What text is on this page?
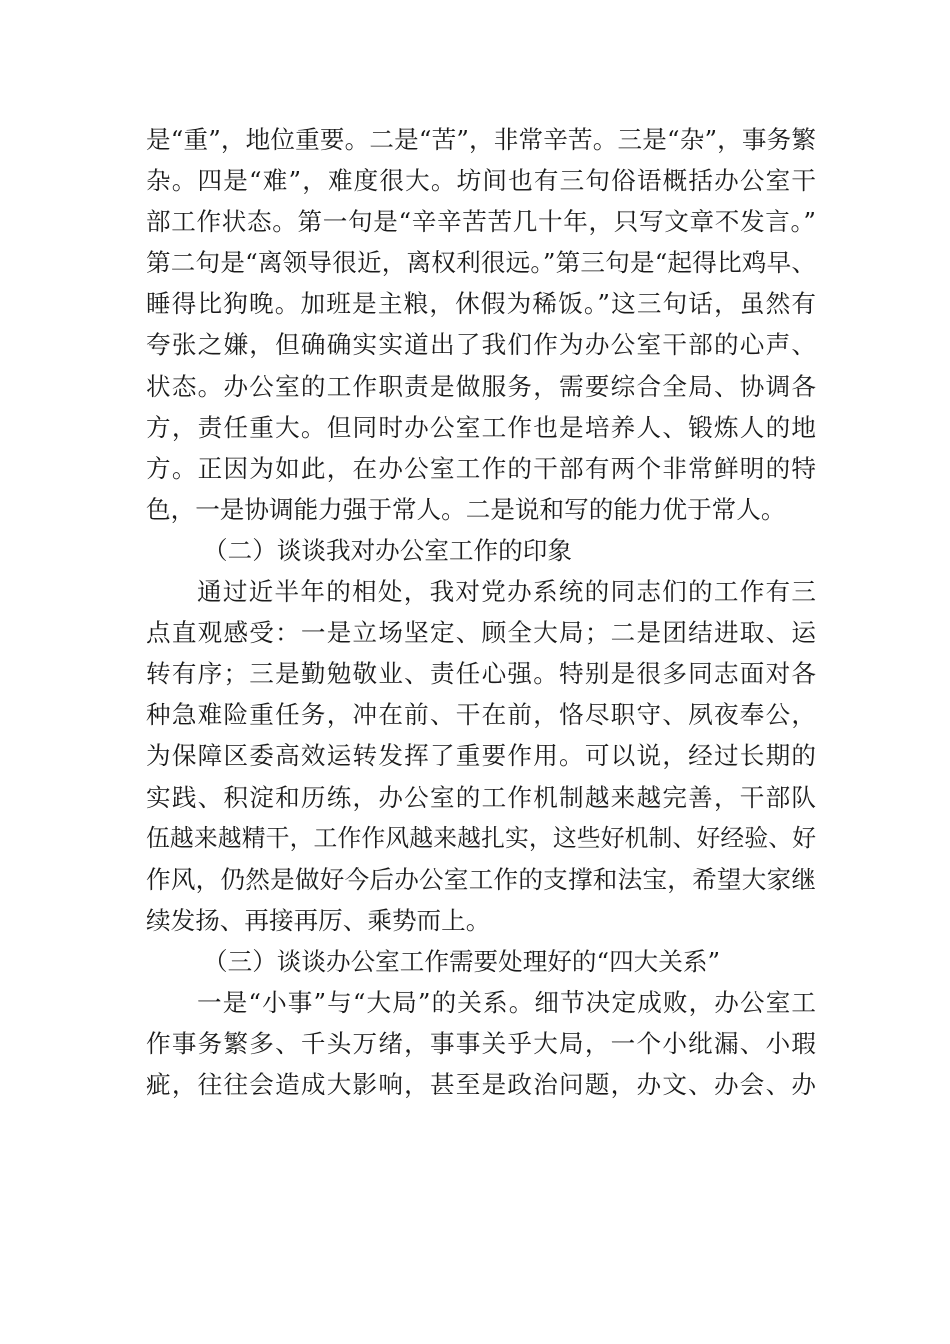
是“重”，地位重要。二是“苦”，非常辛苦。三是“杂”，事务繁
杂。四是“难”，难度很大。坊间也有三句俗语概括办公室干
部工作状态。第一句是“辛辛苦苦几十年，只写文章不发言。”
第二句是“离领导很近，离权利很远。”第三句是“起得比鸡早、
睡得比狗晚。加班是主粮，休假为稀饭。”这三句话，虽然有
夸张之嫌，但确确实实道出了我们作为办公室干部的心声、
状态。办公室的工作职责是做服务，需要综合全局、协调各
方，责任重大。但同时办公室工作也是培养人、锻炼人的地
方。正因为如此，在办公室工作的干部有两个非常鲜明的特
色，一是协调能力强于常人。二是说和写的能力优于常人。
（二）谈谈我对办公室工作的印象
通过近半年的相处，我对党办系统的同志们的工作有三
点直观感受：一是立场坚定、顾全大局；二是团结进取、运
转有序；三是勤勉敬业、责任心强。特别是很多同志面对各
种急难险重任务，冲在前、干在前，恪尽职守、夙夜奉公，
为保障区委高效运转发挥了重要作用。可以说，经过长期的
实践、积淀和历练，办公室的工作机制越来越完善，干部队
伍越来越精干，工作作风越来越扎实，这些好机制、好经验、好
作风，仍然是做好今后办公室工作的支撑和法宝，希望大家继
续发扬、再接再厉、乘势而上。
（三）谈谈办公室工作需要处理好的“四大关系”
一是“小事”与“大局”的关系。细节决定成败，办公室工
作事务繁多、千头万绪，事事关乎大局，一个小纰漏、小瑕
疵，往往会造成大影响，甚至是政治问题，办文、办会、办
